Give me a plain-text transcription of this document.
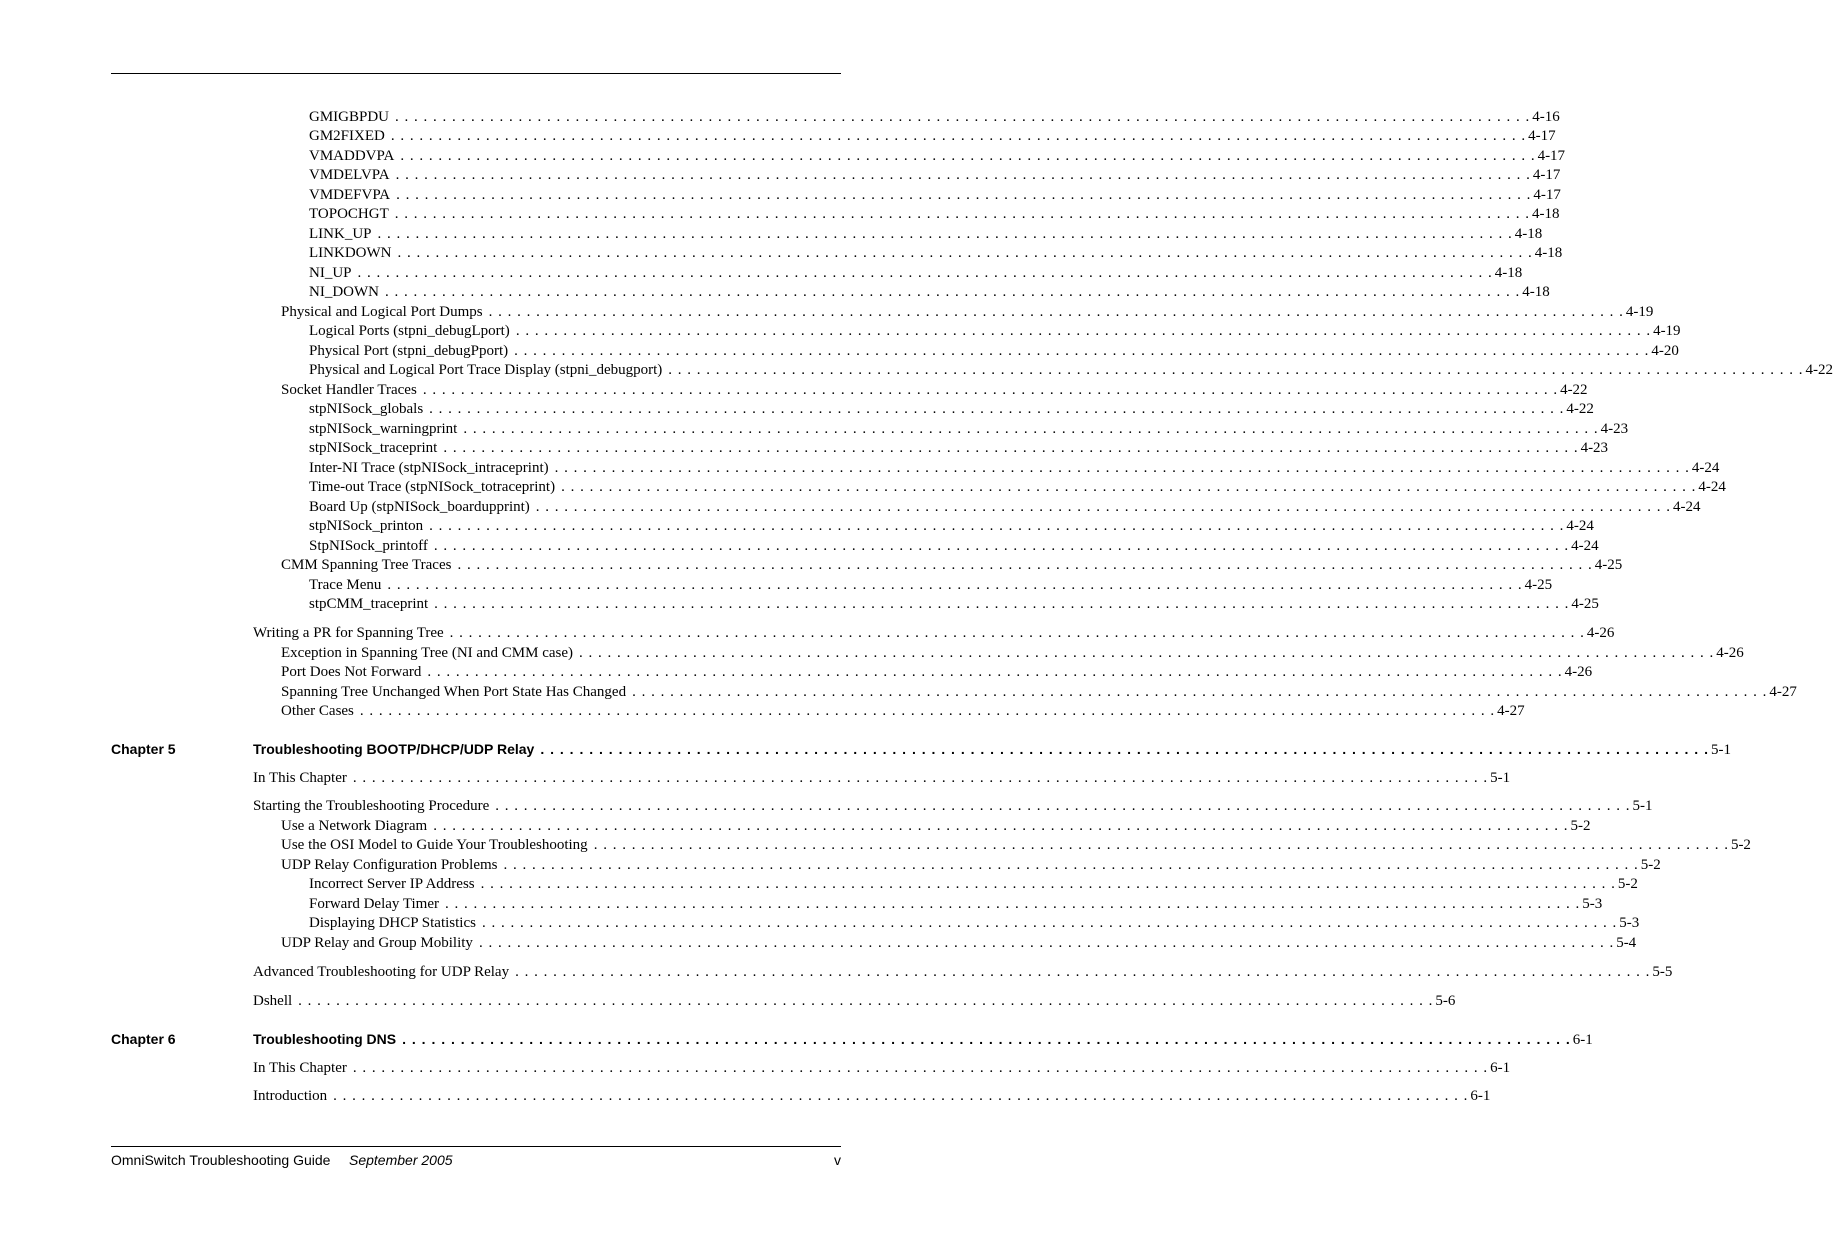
GMIGBPDU . . . . . . . . . . . . . . . . . . . . . . . . . . . . . . . . . . . . . . . . . . . . . . . . . . . . . . . . . . . . . . . . . . . . . . . . . . . . . . . . . . . . . . . . . . . . . . . . . . . . . . . . . . . . . . . . . . . . . . . . 4-16
GM2FIXED . . . . . . . . . . . . . . . . . . . . . . . . . . . . . . . . . . . . . . . . . . . . . . . . . . . . . . . . . . . . . . . . . . . . . . . . . . . . . . . . . . . . . . . . . . . . . . . . . . . . . . . . . . . . . . . . . . . . . . . . 4-17
VMADDVPA . . . . . . . . . . . . . . . . . . . . . . . . . . . . . . . . . . . . . . . . . . . . . . . . . . . . . . . . . . . . . . . . . . . . . . . . . . . . . . . . . . . . . . . . . . . . . . . . . . . . . . . . . . . . . . . . . . . . . . . . 4-17
VMDELVPA . . . . . . . . . . . . . . . . . . . . . . . . . . . . . . . . . . . . . . . . . . . . . . . . . . . . . . . . . . . . . . . . . . . . . . . . . . . . . . . . . . . . . . . . . . . . . . . . . . . . . . . . . . . . . . . . . . . . . . . . 4-17
VMDEFVPA . . . . . . . . . . . . . . . . . . . . . . . . . . . . . . . . . . . . . . . . . . . . . . . . . . . . . . . . . . . . . . . . . . . . . . . . . . . . . . . . . . . . . . . . . . . . . . . . . . . . . . . . . . . . . . . . . . . . . . . . 4-17
TOPOCHGT . . . . . . . . . . . . . . . . . . . . . . . . . . . . . . . . . . . . . . . . . . . . . . . . . . . . . . . . . . . . . . . . . . . . . . . . . . . . . . . . . . . . . . . . . . . . . . . . . . . . . . . . . . . . . . . . . . . . . . . . 4-18
LINK_UP . . . . . . . . . . . . . . . . . . . . . . . . . . . . . . . . . . . . . . . . . . . . . . . . . . . . . . . . . . . . . . . . . . . . . . . . . . . . . . . . . . . . . . . . . . . . . . . . . . . . . . . . . . . . . . . . . . . . . . . . 4-18
LINKDOWN . . . . . . . . . . . . . . . . . . . . . . . . . . . . . . . . . . . . . . . . . . . . . . . . . . . . . . . . . . . . . . . . . . . . . . . . . . . . . . . . . . . . . . . . . . . . . . . . . . . . . . . . . . . . . . . . . . . . . . . . 4-18
NI_UP . . . . . . . . . . . . . . . . . . . . . . . . . . . . . . . . . . . . . . . . . . . . . . . . . . . . . . . . . . . . . . . . . . . . . . . . . . . . . . . . . . . . . . . . . . . . . . . . . . . . . . . . . . . . . . . . . . . . . . . . 4-18
NI_DOWN . . . . . . . . . . . . . . . . . . . . . . . . . . . . . . . . . . . . . . . . . . . . . . . . . . . . . . . . . . . . . . . . . . . . . . . . . . . . . . . . . . . . . . . . . . . . . . . . . . . . . . . . . . . . . . . . . . . . . . . . 4-18
Physical and Logical Port Dumps . . . . . . . . . . . . . . . . . . . . . . . . . . . . . . . . . . . . . . . . . . . . . . . . . . . . . . . . . . . . . . . . . . . . . . . . . . . . . . . . . . . . . . . . . . . . . . . . . . . . . . . . . . . . . . . . . . . . . . . . 4-19
Logical Ports (stpni_debugLport) . . . . . . . . . . . . . . . . . . . . . . . . . . . . . . . . . . . . . . . . . . . . . . . . . . . . . . . . . . . . . . . . . . . . . . . . . . . . . . . . . . . . . . . . . . . . . . . . . . . . . . . . . . . . . . . . . . . . . . . . 4-19
Physical Port (stpni_debugPport) . . . . . . . . . . . . . . . . . . . . . . . . . . . . . . . . . . . . . . . . . . . . . . . . . . . . . . . . . . . . . . . . . . . . . . . . . . . . . . . . . . . . . . . . . . . . . . . . . . . . . . . . . . . . . . . . . . . . . . . . 4-20
Physical and Logical Port Trace Display (stpni_debugport) . . . . . . . . . . . . . . . . . . . . . . . . . . . . . . . . . . . . . . . . . . . . . . . . . . . . . . . . . . . . . . . . . . . . . . . . . . . . . . . . . . . . . . . . . . . . . . . . . . . . . . . . . . . . . . . . . . . . . . . . 4-22
Socket Handler Traces . . . . . . . . . . . . . . . . . . . . . . . . . . . . . . . . . . . . . . . . . . . . . . . . . . . . . . . . . . . . . . . . . . . . . . . . . . . . . . . . . . . . . . . . . . . . . . . . . . . . . . . . . . . . . . . . . . . . . . . . 4-22
stpNISock_globals . . . . . . . . . . . . . . . . . . . . . . . . . . . . . . . . . . . . . . . . . . . . . . . . . . . . . . . . . . . . . . . . . . . . . . . . . . . . . . . . . . . . . . . . . . . . . . . . . . . . . . . . . . . . . . . . . . . . . . . . 4-22
stpNISock_warningprint . . . . . . . . . . . . . . . . . . . . . . . . . . . . . . . . . . . . . . . . . . . . . . . . . . . . . . . . . . . . . . . . . . . . . . . . . . . . . . . . . . . . . . . . . . . . . . . . . . . . . . . . . . . . . . . . . . . . . . . . 4-23
stpNISock_traceprint . . . . . . . . . . . . . . . . . . . . . . . . . . . . . . . . . . . . . . . . . . . . . . . . . . . . . . . . . . . . . . . . . . . . . . . . . . . . . . . . . . . . . . . . . . . . . . . . . . . . . . . . . . . . . . . . . . . . . . . . 4-23
Inter-NI Trace (stpNISock_intraceprint) . . . . . . . . . . . . . . . . . . . . . . . . . . . . . . . . . . . . . . . . . . . . . . . . . . . . . . . . . . . . . . . . . . . . . . . . . . . . . . . . . . . . . . . . . . . . . . . . . . . . . . . . . . . . . . . . . . . . . . . . 4-24
Time-out Trace (stpNISock_totraceprint) . . . . . . . . . . . . . . . . . . . . . . . . . . . . . . . . . . . . . . . . . . . . . . . . . . . . . . . . . . . . . . . . . . . . . . . . . . . . . . . . . . . . . . . . . . . . . . . . . . . . . . . . . . . . . . . . . . . . . . . . 4-24
Board Up (stpNISock_boardupprint) . . . . . . . . . . . . . . . . . . . . . . . . . . . . . . . . . . . . . . . . . . . . . . . . . . . . . . . . . . . . . . . . . . . . . . . . . . . . . . . . . . . . . . . . . . . . . . . . . . . . . . . . . . . . . . . . . . . . . . . . 4-24
stpNISock_printon . . . . . . . . . . . . . . . . . . . . . . . . . . . . . . . . . . . . . . . . . . . . . . . . . . . . . . . . . . . . . . . . . . . . . . . . . . . . . . . . . . . . . . . . . . . . . . . . . . . . . . . . . . . . . . . . . . . . . . . . 4-24
StpNISock_printoff . . . . . . . . . . . . . . . . . . . . . . . . . . . . . . . . . . . . . . . . . . . . . . . . . . . . . . . . . . . . . . . . . . . . . . . . . . . . . . . . . . . . . . . . . . . . . . . . . . . . . . . . . . . . . . . . . . . . . . . . 4-24
CMM Spanning Tree Traces . . . . . . . . . . . . . . . . . . . . . . . . . . . . . . . . . . . . . . . . . . . . . . . . . . . . . . . . . . . . . . . . . . . . . . . . . . . . . . . . . . . . . . . . . . . . . . . . . . . . . . . . . . . . . . . . . . . . . . . . 4-25
Trace Menu . . . . . . . . . . . . . . . . . . . . . . . . . . . . . . . . . . . . . . . . . . . . . . . . . . . . . . . . . . . . . . . . . . . . . . . . . . . . . . . . . . . . . . . . . . . . . . . . . . . . . . . . . . . . . . . . . . . . . . . . 4-25
stpCMM_traceprint . . . . . . . . . . . . . . . . . . . . . . . . . . . . . . . . . . . . . . . . . . . . . . . . . . . . . . . . . . . . . . . . . . . . . . . . . . . . . . . . . . . . . . . . . . . . . . . . . . . . . . . . . . . . . . . . . . . . . . . . 4-25
Writing a PR for Spanning Tree . . . . . . . . . . . . . . . . . . . . . . . . . . . . . . . . . . . . . . . . . . . . . . . . . . . . . . . . . . . . . . . . . . . . . . . . . . . . . . . . . . . . . . . . . . . . . . . . . . . . . . . . . . . . . . . . . . . . . . . . 4-26
Exception in Spanning Tree (NI and CMM case) . . . . . . . . . . . . . . . . . . . . . . . . . . . . . . . . . . . . . . . . . . . . . . . . . . . . . . . . . . . . . . . . . . . . . . . . . . . . . . . . . . . . . . . . . . . . . . . . . . . . . . . . . . . . . . . . . . . . . . . . 4-26
Port Does Not Forward . . . . . . . . . . . . . . . . . . . . . . . . . . . . . . . . . . . . . . . . . . . . . . . . . . . . . . . . . . . . . . . . . . . . . . . . . . . . . . . . . . . . . . . . . . . . . . . . . . . . . . . . . . . . . . . . . . . . . . . . 4-26
Spanning Tree Unchanged When Port State Has Changed . . . . . . . . . . . . . . . . . . . . . . . . . . . . . . . . . . . . . . . . . . . . . . . . . . . . . . . . . . . . . . . . . . . . . . . . . . . . . . . . . . . . . . . . . . . . . . . . . . . . . . . . . . . . . . . . . . . . . . . . 4-27
Other Cases . . . . . . . . . . . . . . . . . . . . . . . . . . . . . . . . . . . . . . . . . . . . . . . . . . . . . . . . . . . . . . . . . . . . . . . . . . . . . . . . . . . . . . . . . . . . . . . . . . . . . . . . . . . . . . . . . . . . . . . . 4-27
Chapter 5	Troubleshooting BOOTP/DHCP/UDP Relay . . . . . . . . . . . . . . . . . . . . . . . . . . . . . . . . . . . . . . . . . . . . . . . . . . . . . . . . . . . . . . . . . . . . . . . . . . . . . . . . . . . . . . . . . . . . . . . . . . . . . . . . . . . . . . . . . . . . . . . . 5-1
In This Chapter . . . . . . . . . . . . . . . . . . . . . . . . . . . . . . . . . . . . . . . . . . . . . . . . . . . . . . . . . . . . . . . . . . . . . . . . . . . . . . . . . . . . . . . . . . . . . . . . . . . . . . . . . . . . . . . . . . . . . . . . 5-1
Starting the Troubleshooting Procedure . . . . . . . . . . . . . . . . . . . . . . . . . . . . . . . . . . . . . . . . . . . . . . . . . . . . . . . . . . . . . . . . . . . . . . . . . . . . . . . . . . . . . . . . . . . . . . . . . . . . . . . . . . . . . . . . . . . . . . . . 5-1
Use a Network Diagram . . . . . . . . . . . . . . . . . . . . . . . . . . . . . . . . . . . . . . . . . . . . . . . . . . . . . . . . . . . . . . . . . . . . . . . . . . . . . . . . . . . . . . . . . . . . . . . . . . . . . . . . . . . . . . . . . . . . . . . . 5-2
Use the OSI Model to Guide Your Troubleshooting . . . . . . . . . . . . . . . . . . . . . . . . . . . . . . . . . . . . . . . . . . . . . . . . . . . . . . . . . . . . . . . . . . . . . . . . . . . . . . . . . . . . . . . . . . . . . . . . . . . . . . . . . . . . . . . . . . . . . . . . 5-2
UDP Relay Configuration Problems . . . . . . . . . . . . . . . . . . . . . . . . . . . . . . . . . . . . . . . . . . . . . . . . . . . . . . . . . . . . . . . . . . . . . . . . . . . . . . . . . . . . . . . . . . . . . . . . . . . . . . . . . . . . . . . . . . . . . . . . 5-2
Incorrect Server IP Address . . . . . . . . . . . . . . . . . . . . . . . . . . . . . . . . . . . . . . . . . . . . . . . . . . . . . . . . . . . . . . . . . . . . . . . . . . . . . . . . . . . . . . . . . . . . . . . . . . . . . . . . . . . . . . . . . . . . . . . . 5-2
Forward Delay Timer . . . . . . . . . . . . . . . . . . . . . . . . . . . . . . . . . . . . . . . . . . . . . . . . . . . . . . . . . . . . . . . . . . . . . . . . . . . . . . . . . . . . . . . . . . . . . . . . . . . . . . . . . . . . . . . . . . . . . . . . 5-3
Displaying DHCP Statistics . . . . . . . . . . . . . . . . . . . . . . . . . . . . . . . . . . . . . . . . . . . . . . . . . . . . . . . . . . . . . . . . . . . . . . . . . . . . . . . . . . . . . . . . . . . . . . . . . . . . . . . . . . . . . . . . . . . . . . . . 5-3
UDP Relay and Group Mobility . . . . . . . . . . . . . . . . . . . . . . . . . . . . . . . . . . . . . . . . . . . . . . . . . . . . . . . . . . . . . . . . . . . . . . . . . . . . . . . . . . . . . . . . . . . . . . . . . . . . . . . . . . . . . . . . . . . . . . . . 5-4
Advanced Troubleshooting for UDP Relay . . . . . . . . . . . . . . . . . . . . . . . . . . . . . . . . . . . . . . . . . . . . . . . . . . . . . . . . . . . . . . . . . . . . . . . . . . . . . . . . . . . . . . . . . . . . . . . . . . . . . . . . . . . . . . . . . . . . . . . . 5-5
Dshell . . . . . . . . . . . . . . . . . . . . . . . . . . . . . . . . . . . . . . . . . . . . . . . . . . . . . . . . . . . . . . . . . . . . . . . . . . . . . . . . . . . . . . . . . . . . . . . . . . . . . . . . . . . . . . . . . . . . . . . . 5-6
Chapter 6	Troubleshooting DNS . . . . . . . . . . . . . . . . . . . . . . . . . . . . . . . . . . . . . . . . . . . . . . . . . . . . . . . . . . . . . . . . . . . . . . . . . . . . . . . . . . . . . . . . . . . . . . . . . . . . . . . . . . . . . . . . . . . . . . . . 6-1
In This Chapter . . . . . . . . . . . . . . . . . . . . . . . . . . . . . . . . . . . . . . . . . . . . . . . . . . . . . . . . . . . . . . . . . . . . . . . . . . . . . . . . . . . . . . . . . . . . . . . . . . . . . . . . . . . . . . . . . . . . . . . . 6-1
Introduction . . . . . . . . . . . . . . . . . . . . . . . . . . . . . . . . . . . . . . . . . . . . . . . . . . . . . . . . . . . . . . . . . . . . . . . . . . . . . . . . . . . . . . . . . . . . . . . . . . . . . . . . . . . . . . . . . . . . . . . . 6-1
OmniSwitch Troubleshooting Guide September 2005	v
